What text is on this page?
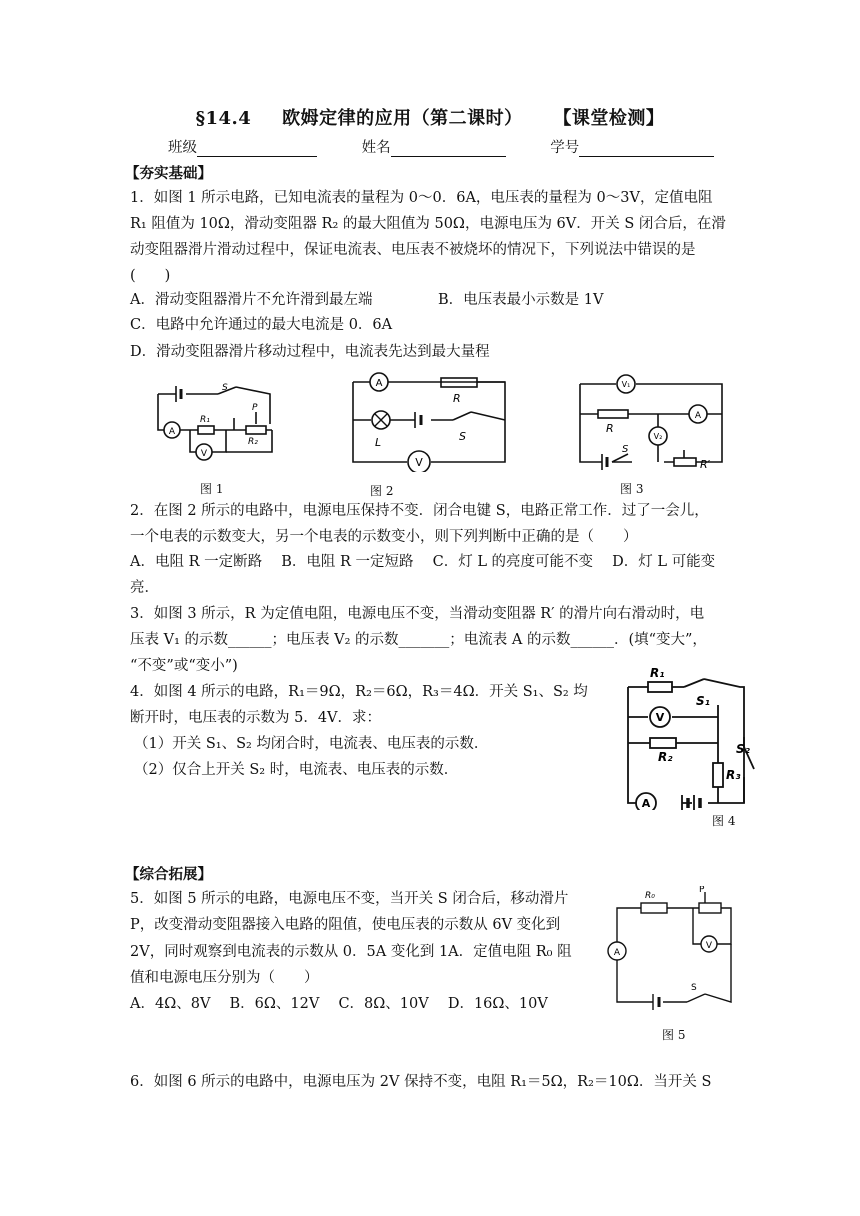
§14.4 欧姆定律的应用（第二课时） 【课堂检测】
班级	姓名	学号
【夯实基础】
1．如图 1 所示电路，已知电流表的量程为 0～0．6A，电压表的量程为 0～3V，定值电阻
R₁ 阻值为 10Ω，滑动变阻器 R₂ 的最大阻值为 50Ω，电源电压为 6V．开关 S 闭合后，在滑
动变阻器滑片滑动过程中，保证电流表、电压表不被烧坏的情况下，下列说法中错误的是
(　　)
A．滑动变阻器滑片不允许滑到最左端	B．电压表最小示数是 1V
C．电路中允许通过的最大电流是 0．6A
D．滑动变阻器滑片移动过程中，电流表先达到最大量程
A
V
S
R₁
P
R₂
图 1
A
V
R
L	S
图 2
V₁
A
V₂
R
S
R′
图 3
2．在图 2 所示的电路中，电源电压保持不变．闭合电键 S，电路正常工作．过了一会儿，
一个电表的示数变大，另一个电表的示数变小，则下列判断中正确的是（　　）
A．电阻 R 一定断路　 B．电阻 R 一定短路　 C．灯 L 的亮度可能不变　 D．灯 L 可能变
亮．
3．如图 3 所示，R 为定值电阻，电源电压不变，当滑动变阻器 R′ 的滑片向右滑动时，电
压表 V₁ 的示数______；电压表 V₂ 的示数_______；电流表 A 的示数______．(填“变大”，
“不变”或“变小”)
4．如图 4 所示的电路，R₁＝9Ω，R₂＝6Ω，R₃＝4Ω．开关 S₁、S₂ 均
断开时，电压表的示数为 5．4V．求：
（1）开关 S₁、S₂ 均闭合时，电流表、电压表的示数．
（2）仅合上开关 S₂ 时，电流表、电压表的示数．
V
A
R₁
S₁
R₂
R₃
S₂
图 4
【综合拓展】
5．如图 5 所示的电路，电源电压不变，当开关 S 闭合后，移动滑片
P，改变滑动变阻器接入电路的阻值，使电压表的示数从 6V 变化到
2V，同时观察到电流表的示数从 0．5A 变化到 1A．定值电阻 R₀ 阻
值和电源电压分别为（　　）
A．4Ω、8V　 B．6Ω、12V　 C．8Ω、10V　 D．16Ω、10V
A
V
R₀
P
S
图 5
6．如图 6 所示的电路中，电源电压为 2V 保持不变，电阻 R₁＝5Ω，R₂＝10Ω．当开关 S
